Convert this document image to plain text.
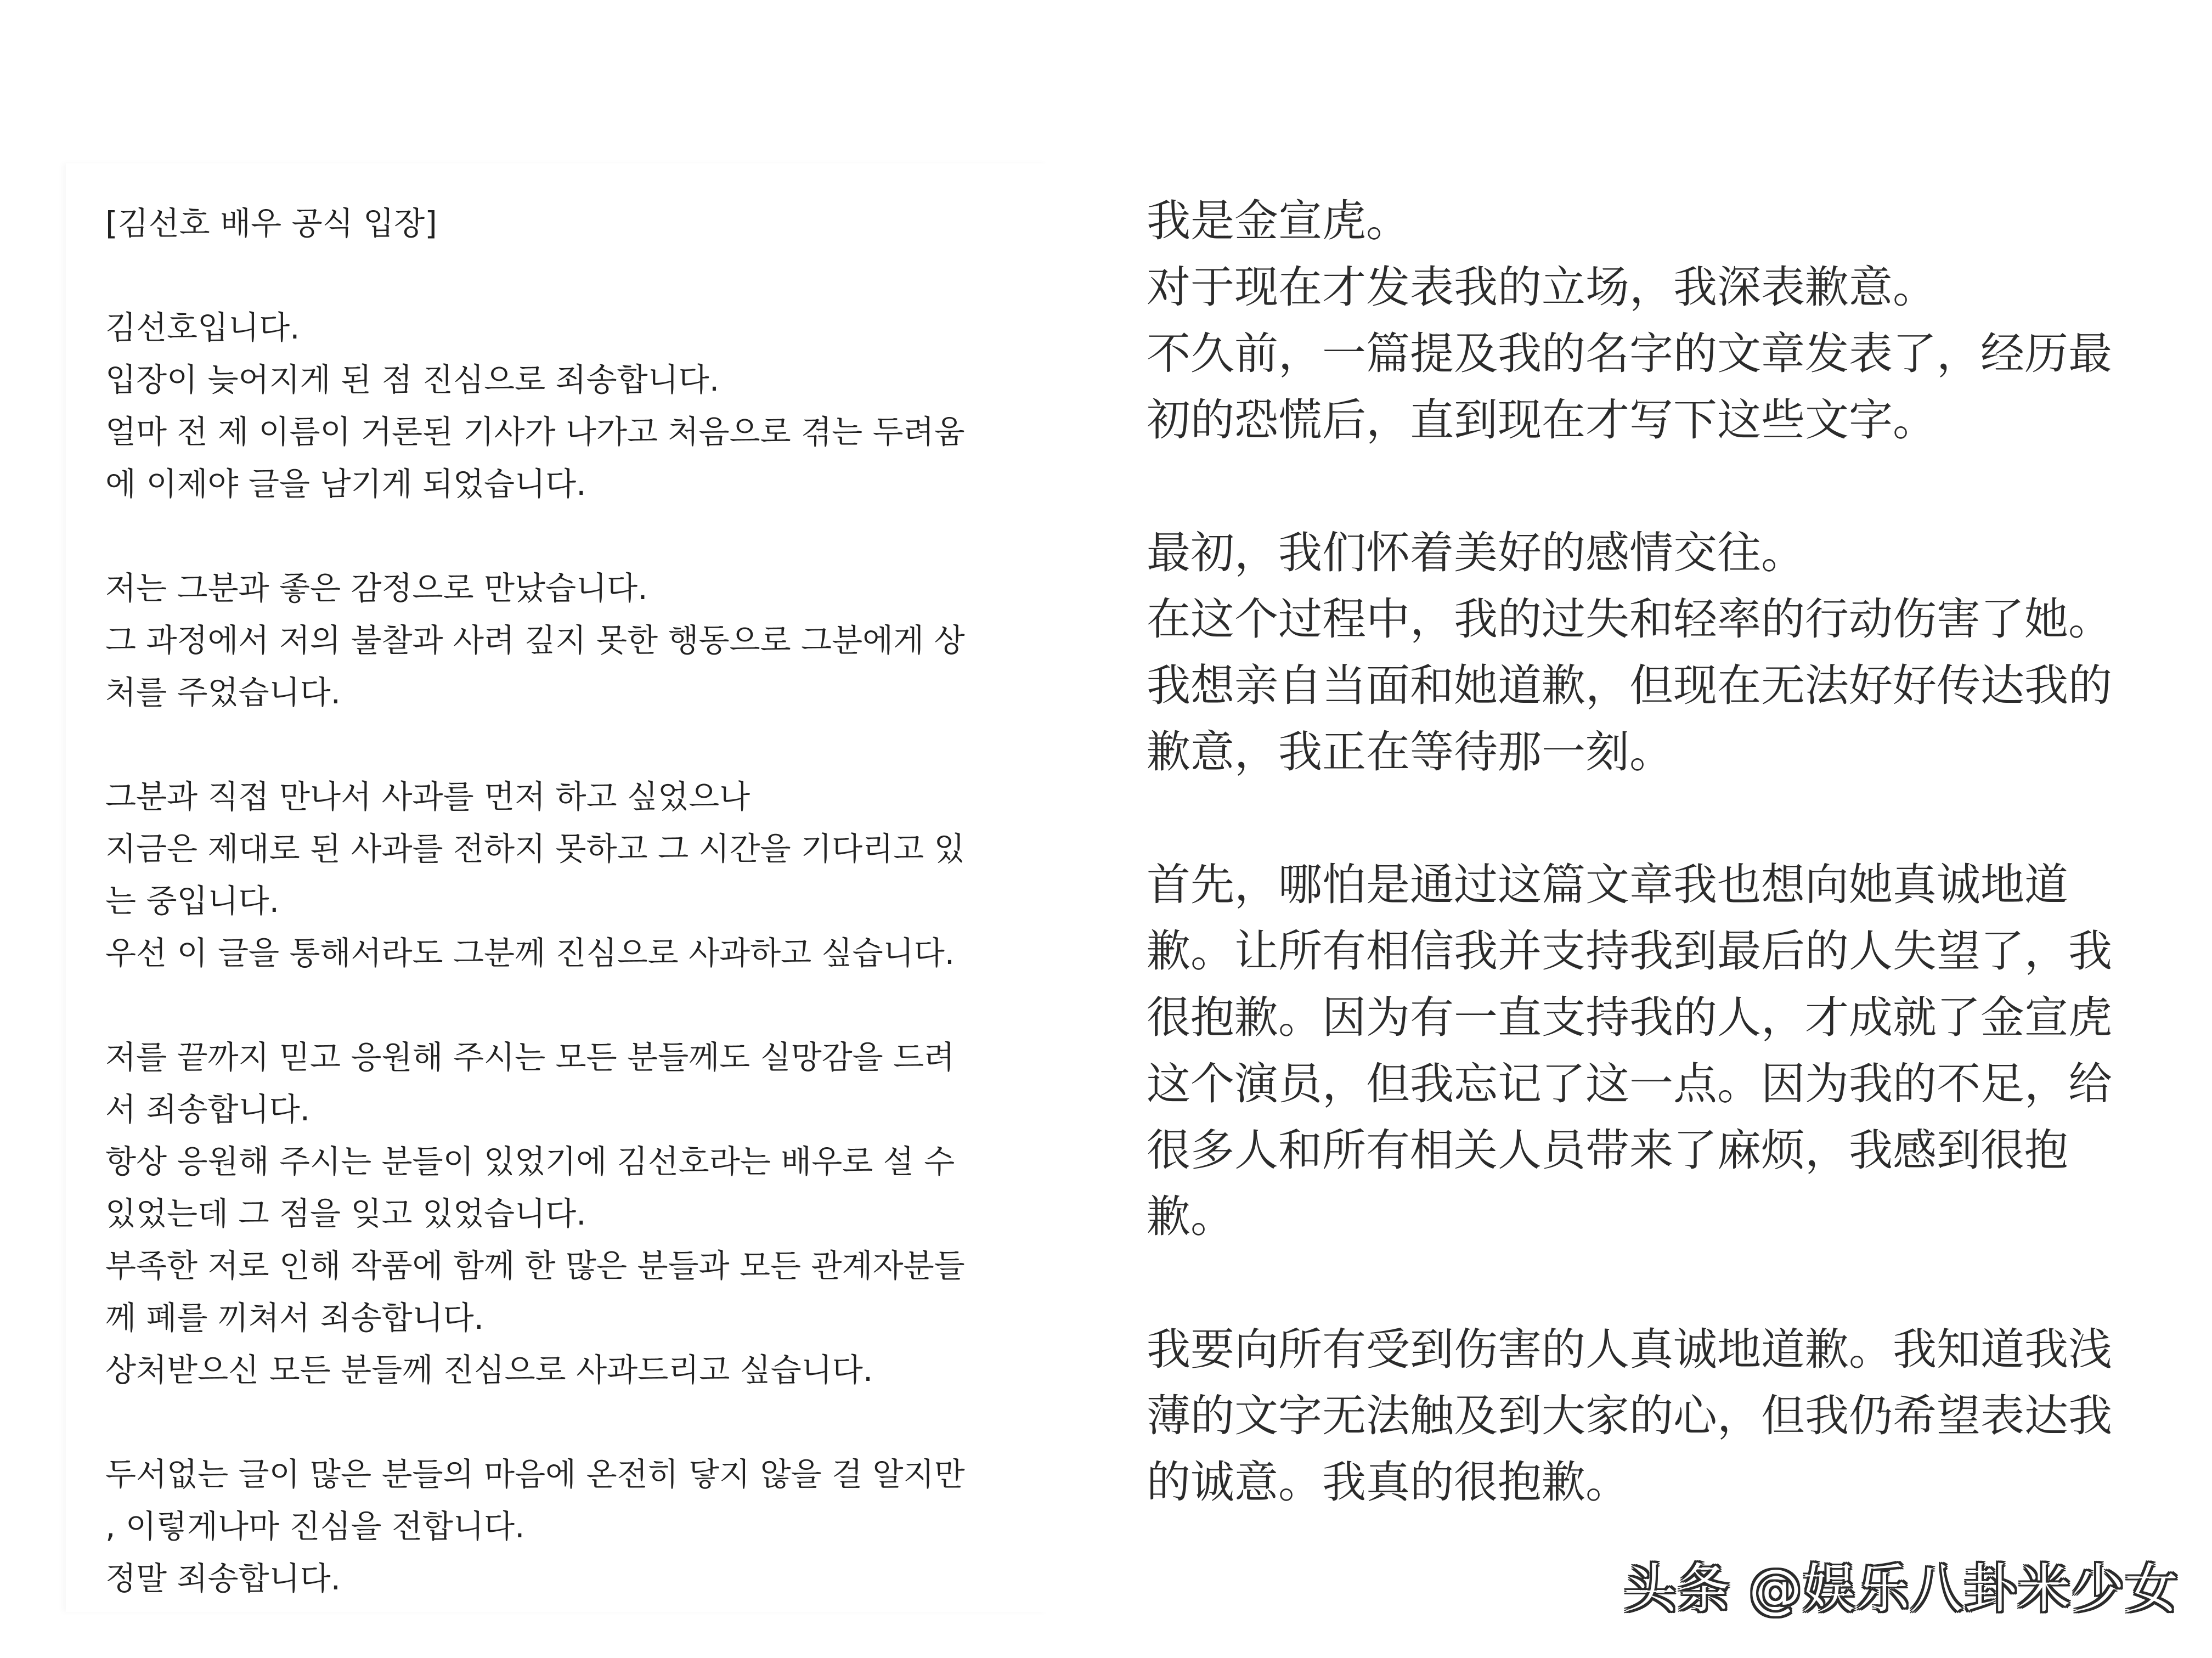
[김선호 배우 공식 입장]
김선호입니다.
입장이 늦어지게 된 점 진심으로 죄송합니다.
얼마 전 제 이름이 거론된 기사가 나가고 처음으로 겪는 두려움
에 이제야 글을 남기게 되었습니다.
저는 그분과 좋은 감정으로 만났습니다.
그 과정에서 저의 불찰과 사려 깊지 못한 행동으로 그분에게 상
처를 주었습니다.
그분과 직접 만나서 사과를 먼저 하고 싶었으나
지금은 제대로 된 사과를 전하지 못하고 그 시간을 기다리고 있
는 중입니다.
우선 이 글을 통해서라도 그분께 진심으로 사과하고 싶습니다.
저를 끝까지 믿고 응원해 주시는 모든 분들께도 실망감을 드려
서 죄송합니다.
항상 응원해 주시는 분들이 있었기에 김선호라는 배우로 설 수
있었는데 그 점을 잊고 있었습니다.
부족한 저로 인해 작품에 함께 한 많은 분들과 모든 관계자분들
께 폐를 끼쳐서 죄송합니다.
상처받으신 모든 분들께 진심으로 사과드리고 싶습니다.
두서없는 글이 많은 분들의 마음에 온전히 닿지 않을 걸 알지만
, 이렇게나마 진심을 전합니다.
정말 죄송합니다.
我是金宣虎。
对于现在才发表我的立场，我深表歉意。
不久前，一篇提及我的名字的文章发表了，经历最
初的恐慌后，直到现在才写下这些文字。
最初，我们怀着美好的感情交往。
在这个过程中，我的过失和轻率的行动伤害了她。
我想亲自当面和她道歉，但现在无法好好传达我的
歉意，我正在等待那一刻。
首先，哪怕是通过这篇文章我也想向她真诚地道
歉。让所有相信我并支持我到最后的人失望了，我
很抱歉。因为有一直支持我的人，才成就了金宣虎
这个演员，但我忘记了这一点。因为我的不足，给
很多人和所有相关人员带来了麻烦，我感到很抱
歉。
我要向所有受到伤害的人真诚地道歉。我知道我浅
薄的文字无法触及到大家的心，但我仍希望表达我
的诚意。我真的很抱歉。
头条 @娱乐八卦米少女
